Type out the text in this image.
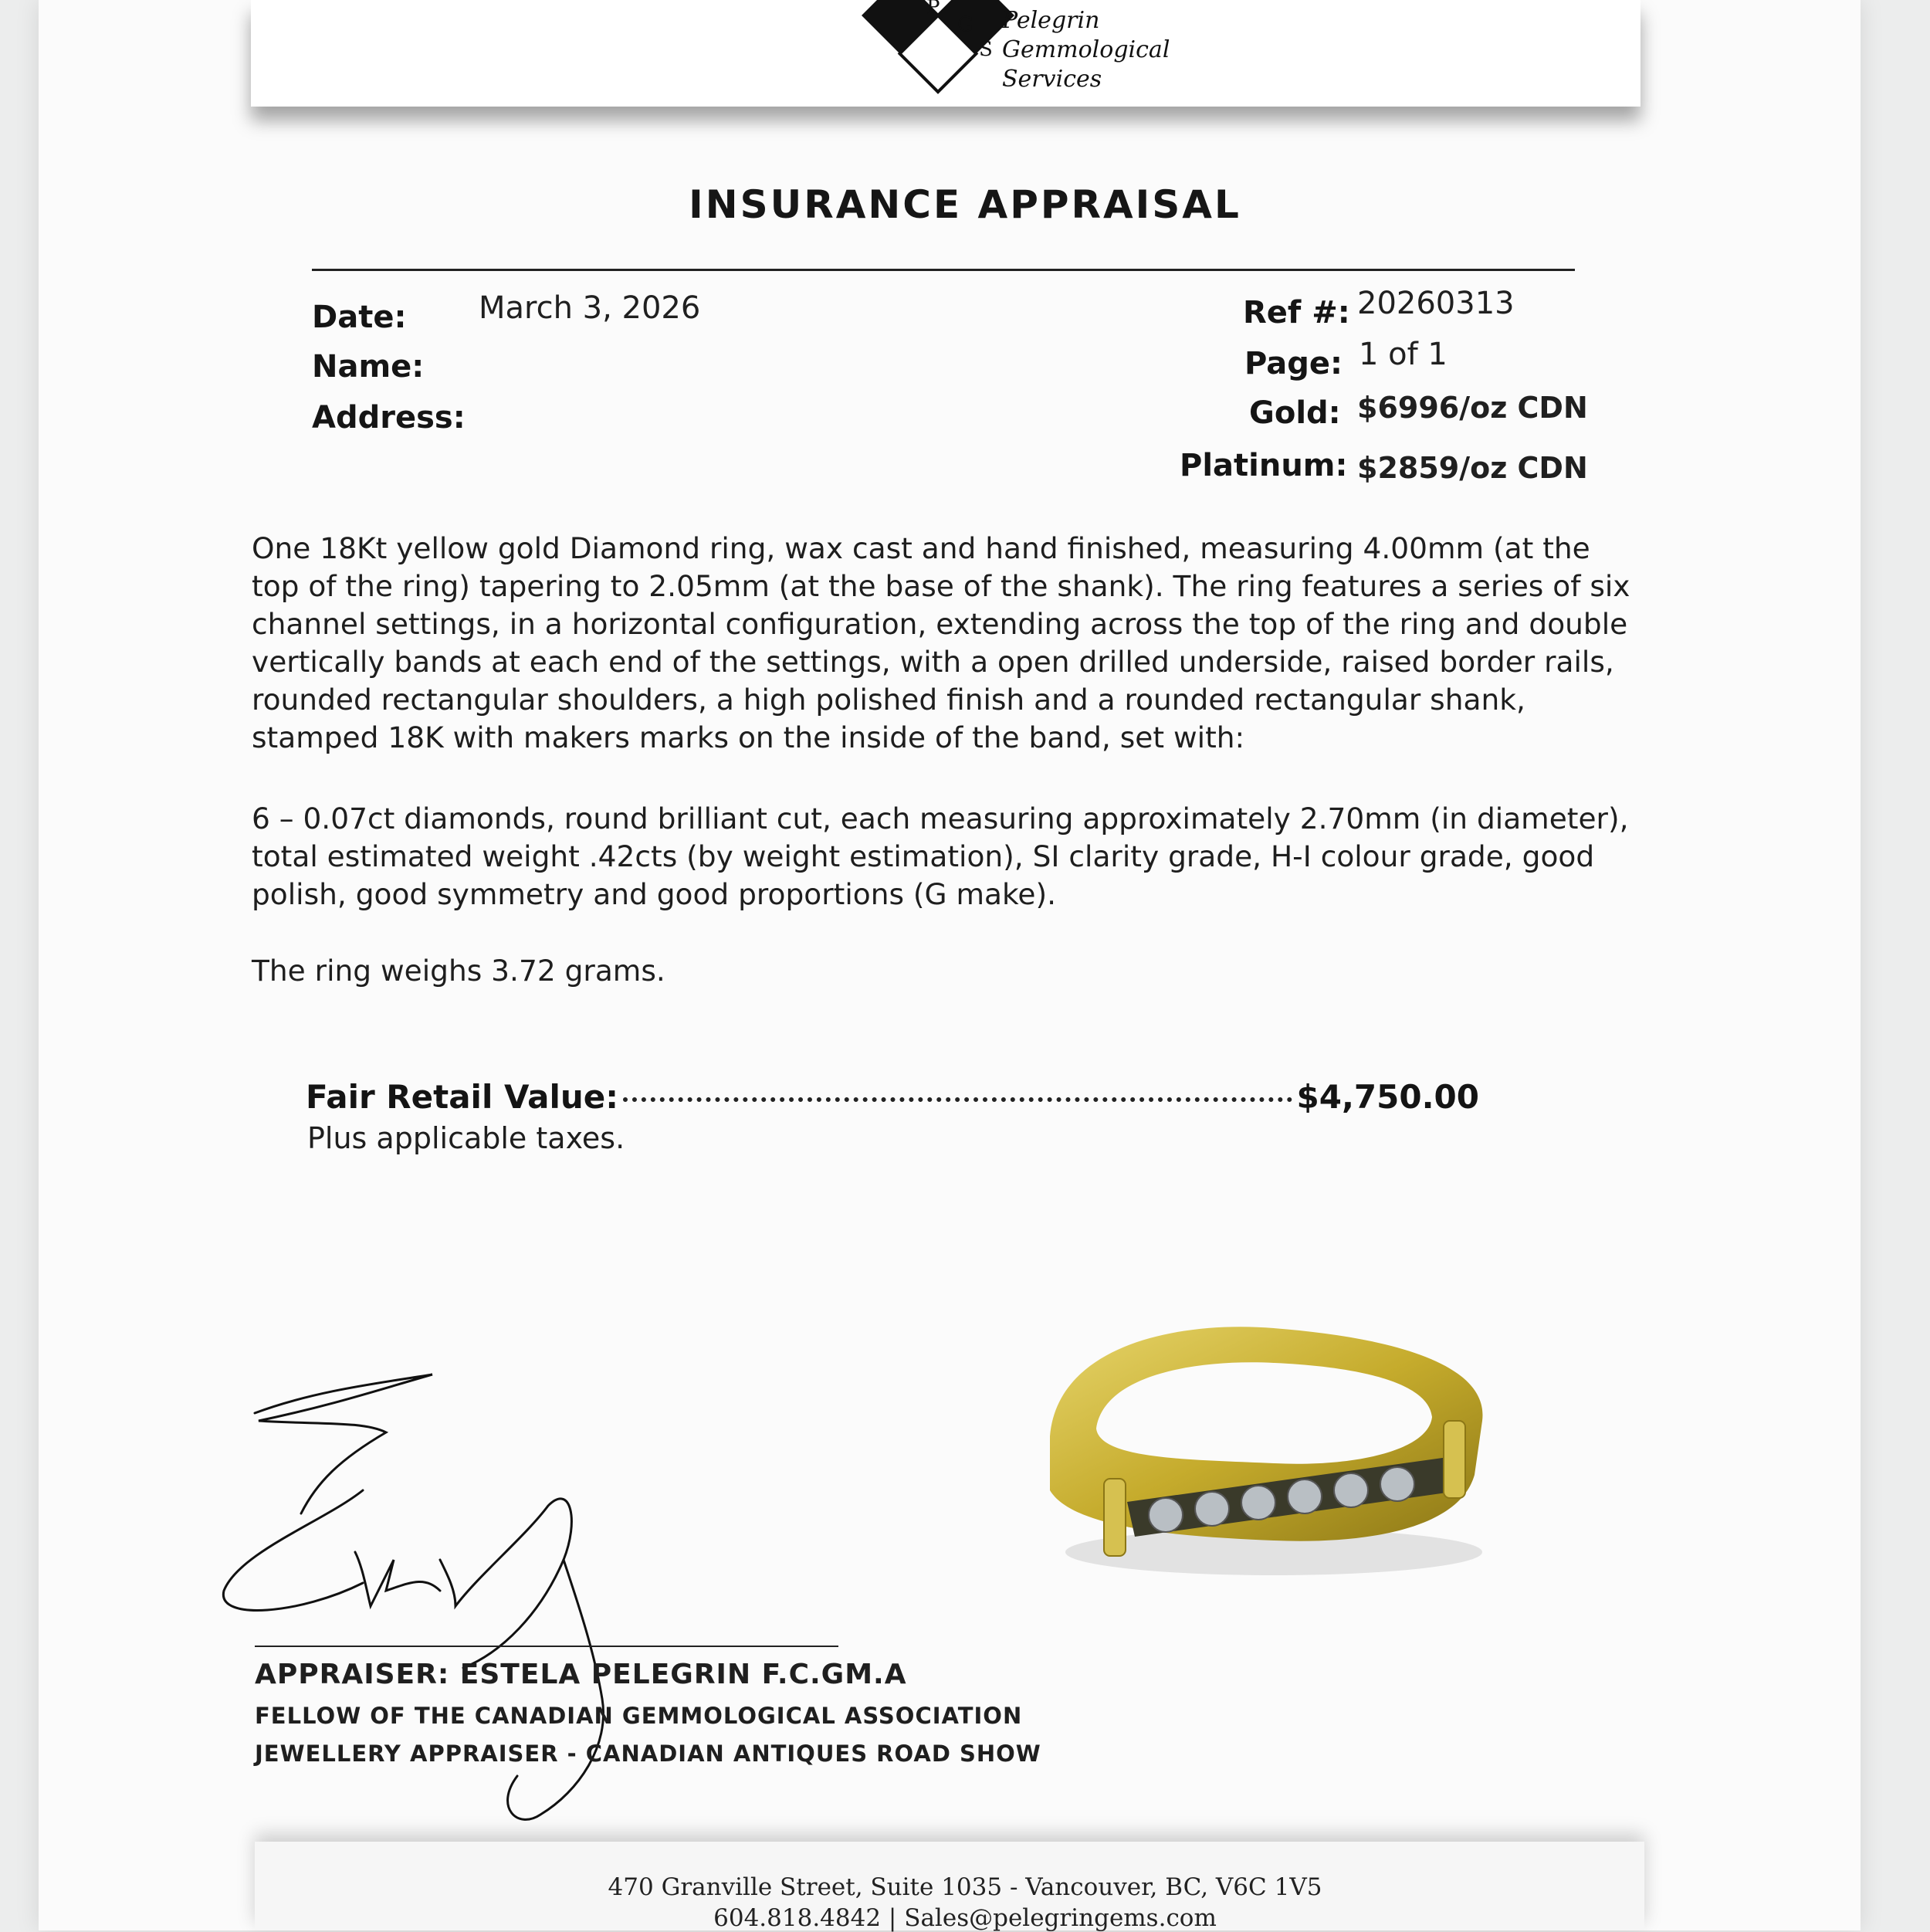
P
G
S
Pelegrin
Gemmological
Services
INSURANCE APPRAISAL
Date: March 3, 2026
Name:
Address:
Ref #: 20260313
Page: 1 of 1
Gold: $6996/oz CDN
Platinum: $2859/oz CDN
One 18Kt yellow gold Diamond ring, wax cast and hand finished, measuring 4.00mm (at the top of the ring) tapering to 2.05mm (at the base of the shank). The ring features a series of six channel settings, in a horizontal configuration, extending across the top of the ring and double vertically bands at each end of the settings, with a open drilled underside, raised border rails, rounded rectangular shoulders, a high polished finish and a rounded rectangular shank, stamped 18K with makers marks on the inside of the band, set with:
6 – 0.07ct diamonds, round brilliant cut, each measuring approximately 2.70mm (in diameter), total estimated weight .42cts (by weight estimation), SI clarity grade, H-I colour grade, good polish, good symmetry and good proportions (G make).
The ring weighs 3.72 grams.
Fair Retail Value:	$4,750.00
Plus applicable taxes.
APPRAISER: ESTELA PELEGRIN F.C.GM.A
FELLOW OF THE CANADIAN GEMMOLOGICAL ASSOCIATION
JEWELLERY APPRAISER - CANADIAN ANTIQUES ROAD SHOW
470 Granville Street, Suite 1035 - Vancouver, BC, V6C 1V5
604.818.4842 | Sales@pelegringems.com
